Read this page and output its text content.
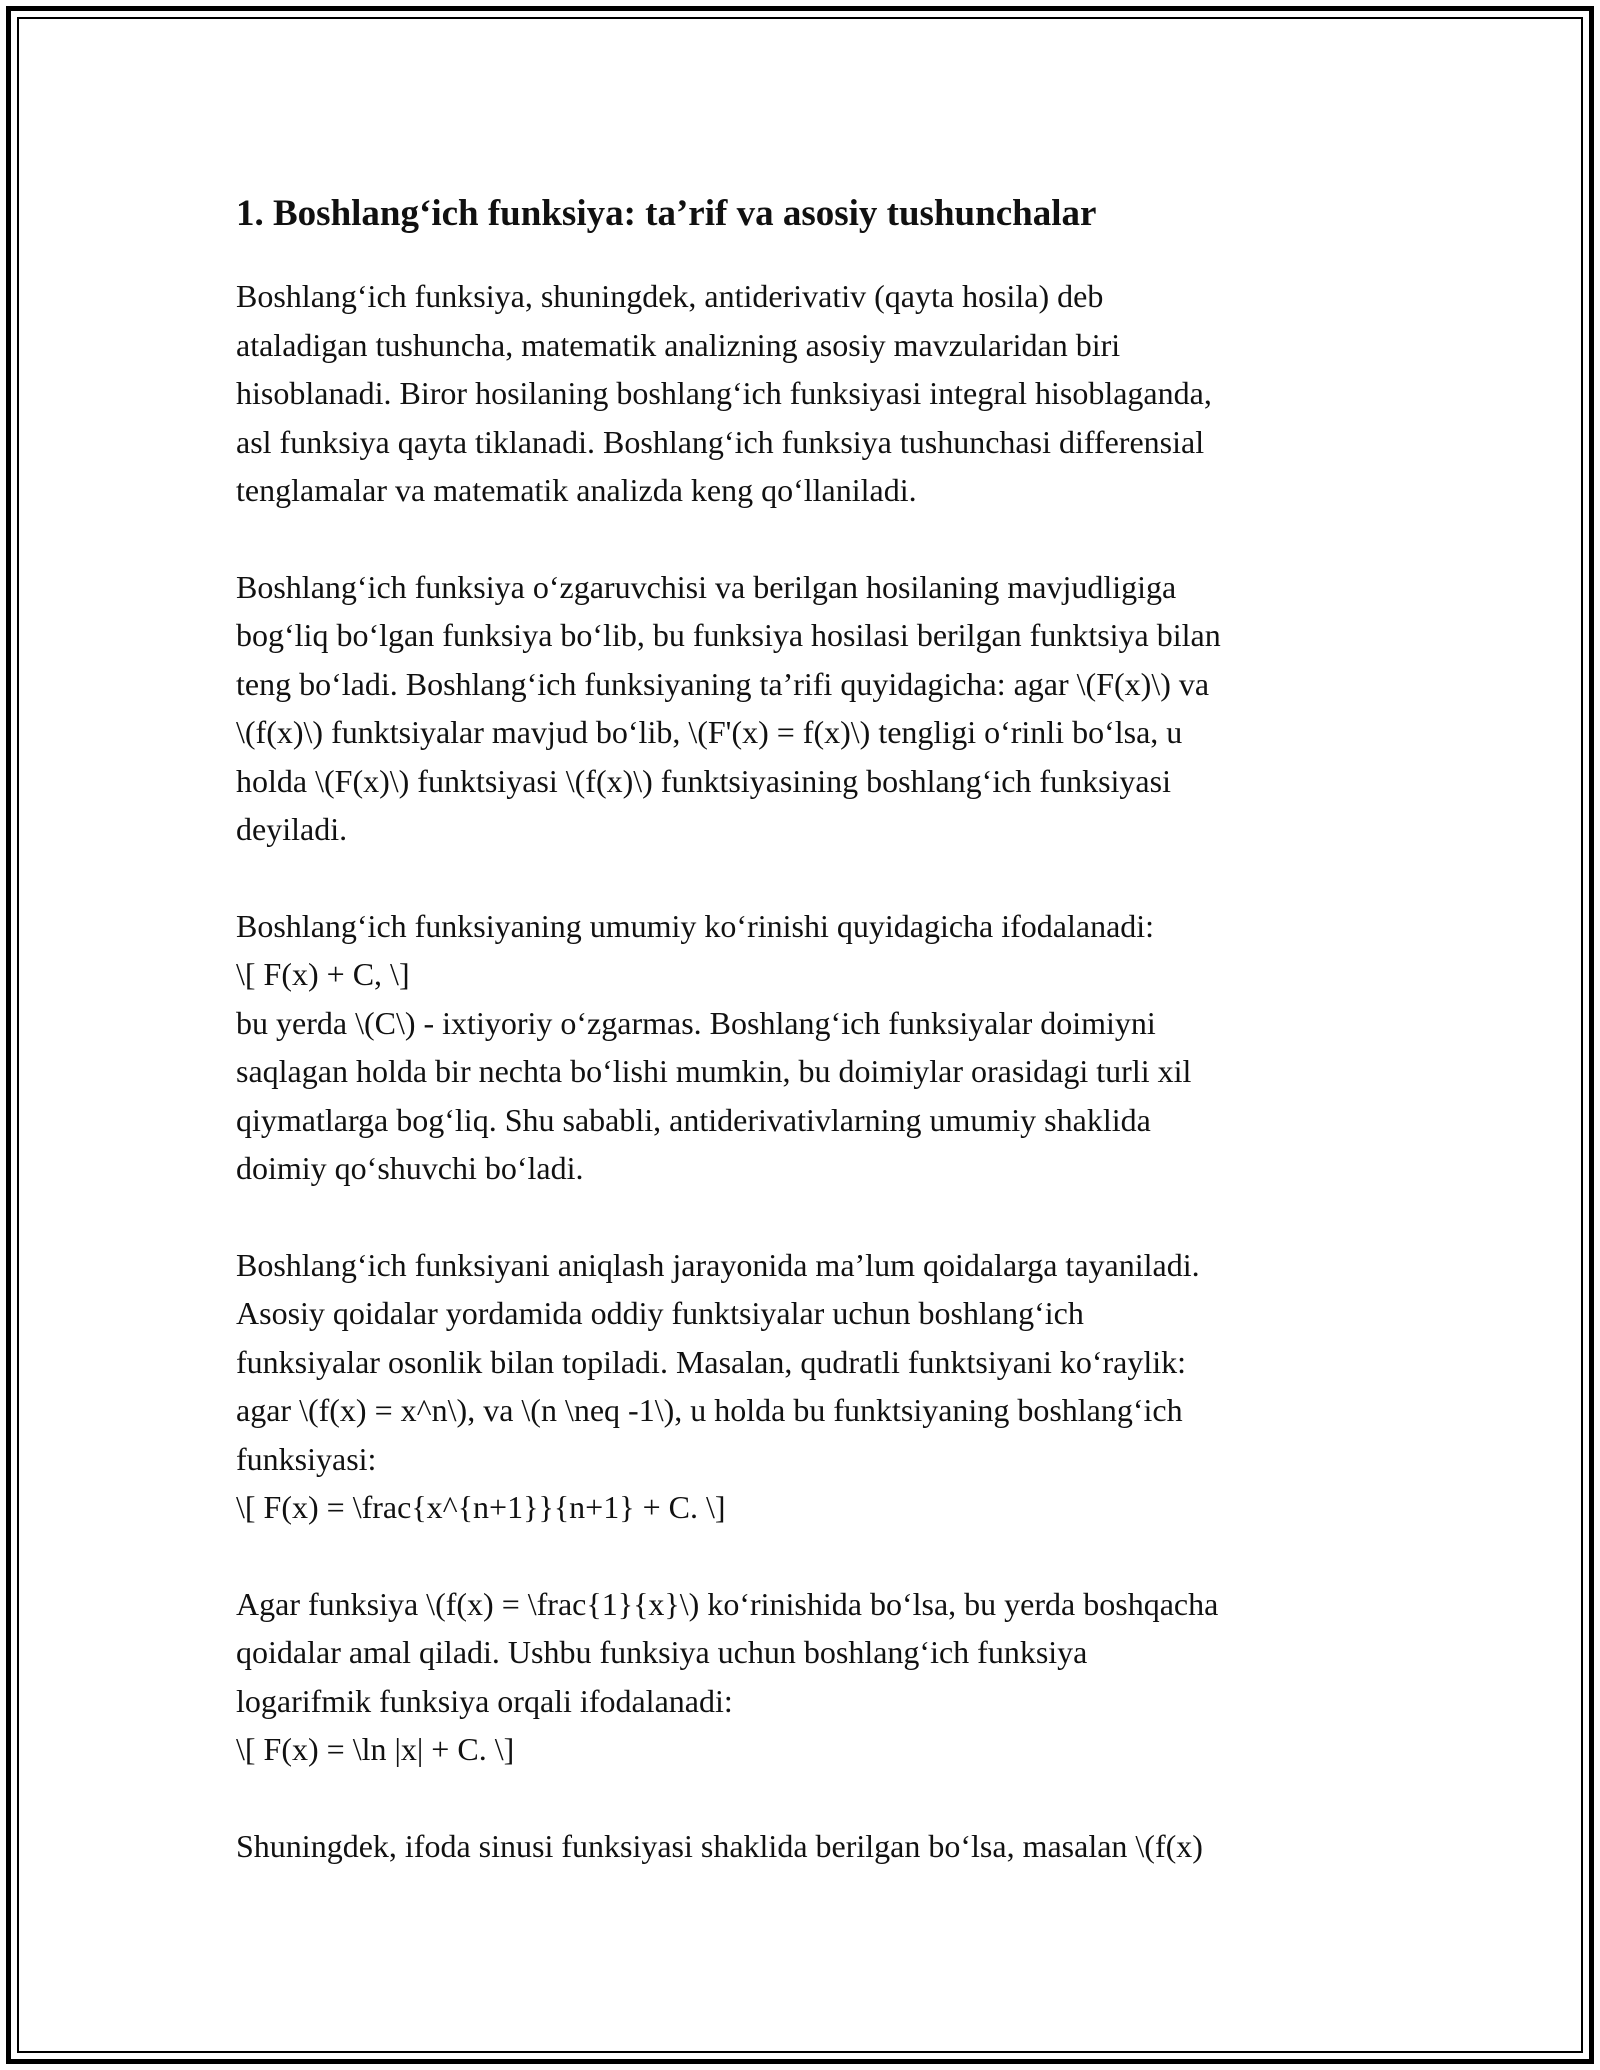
1. Boshlang‘ich funksiya: ta’rif va asosiy tushunchalar

Boshlang‘ich funksiya, shuningdek, antiderivativ (qayta hosila) deb
ataladigan tushuncha, matematik analizning asosiy mavzularidan biri
hisoblanadi. Biror hosilaning boshlang‘ich funksiyasi integral hisoblaganda,
asl funksiya qayta tiklanadi. Boshlang‘ich funksiya tushunchasi differensial
tenglamalar va matematik analizda keng qo‘llaniladi.

Boshlang‘ich funksiya o‘zgaruvchisi va berilgan hosilaning mavjudligiga
bog‘liq bo‘lgan funksiya bo‘lib, bu funksiya hosilasi berilgan funktsiya bilan
teng bo‘ladi. Boshlang‘ich funksiyaning ta’rifi quyidagicha: agar \(F(x)\) va
\(f(x)\) funktsiyalar mavjud bo‘lib, \(F'(x) = f(x)\) tengligi o‘rinli bo‘lsa, u
holda \(F(x)\) funktsiyasi \(f(x)\) funktsiyasining boshlang‘ich funksiyasi
deyiladi.

Boshlang‘ich funksiyaning umumiy ko‘rinishi quyidagicha ifodalanadi:
\[ F(x) + C, \]
bu yerda \(C\) - ixtiyoriy o‘zgarmas. Boshlang‘ich funksiyalar doimiyni
saqlagan holda bir nechta bo‘lishi mumkin, bu doimiylar orasidagi turli xil
qiymatlarga bog‘liq. Shu sababli, antiderivativlarning umumiy shaklida
doimiy qo‘shuvchi bo‘ladi.

Boshlang‘ich funksiyani aniqlash jarayonida ma’lum qoidalarga tayaniladi.
Asosiy qoidalar yordamida oddiy funktsiyalar uchun boshlang‘ich
funksiyalar osonlik bilan topiladi. Masalan, qudratli funktsiyani ko‘raylik:
agar \(f(x) = x^n\), va \(n \neq -1\), u holda bu funktsiyaning boshlang‘ich
funksiyasi:
\[ F(x) = \frac{x^{n+1}}{n+1} + C. \]

Agar funksiya \(f(x) = \frac{1}{x}\) ko‘rinishida bo‘lsa, bu yerda boshqacha
qoidalar amal qiladi. Ushbu funksiya uchun boshlang‘ich funksiya
logarifmik funksiya orqali ifodalanadi:
\[ F(x) = \ln |x| + C. \]

Shuningdek, ifoda sinusi funksiyasi shaklida berilgan bo‘lsa, masalan \(f(x)
